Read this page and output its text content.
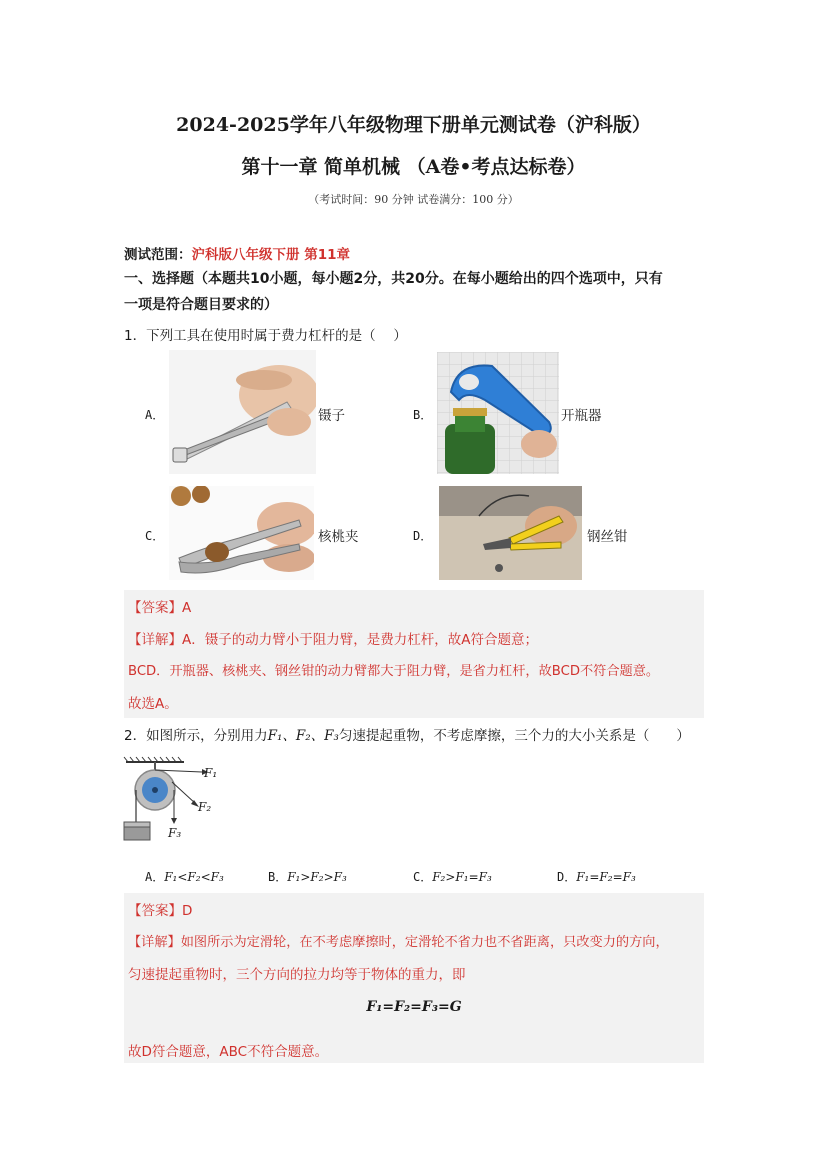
2024-2025学年八年级物理下册单元测试卷（沪科版）
第十一章 简单机械 （A卷•考点达标卷）
（考试时间：90 分钟 试卷满分：100 分）
测试范围：沪科版八年级下册 第11章
一、选择题（本题共10小题，每小题2分，共20分。在每小题给出的四个选项中，只有
一项是符合题目要求的）
1．下列工具在使用时属于费力杠杆的是（　 ）
A．	镊子	B．	开瓶器
C．	核桃夹	D．	钢丝钳
【答案】A
【详解】A．镊子的动力臂小于阻力臂，是费力杠杆，故A符合题意；
BCD．开瓶器、核桃夹、钢丝钳的动力臂都大于阻力臂，是省力杠杆，故BCD不符合题意。
故选A。
2．如图所示，分别用力F₁、F₂、F₃匀速提起重物，不考虑摩擦，三个力的大小关系是（　　）
F₁
F₂
F₃
A．F₁<F₂<F₃	B．F₁>F₂>F₃	C．F₂>F₁=F₃	D．F₁=F₂=F₃
【答案】D
【详解】如图所示为定滑轮，在不考虑摩擦时，定滑轮不省力也不省距离，只改变力的方向，
匀速提起重物时，三个方向的拉力均等于物体的重力，即
F₁=F₂=F₃=G
故D符合题意，ABC不符合题意。
